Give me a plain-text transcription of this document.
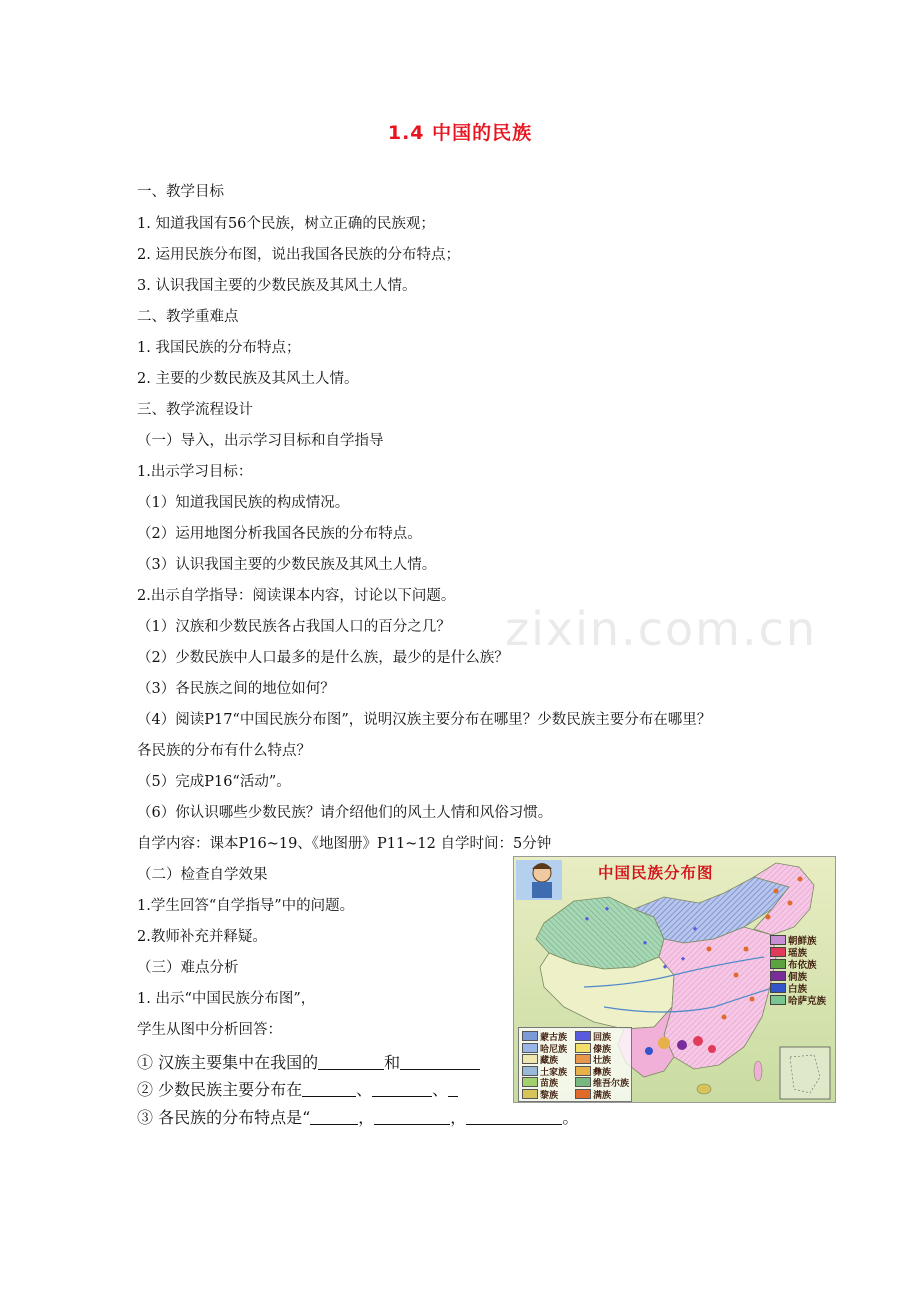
1.4 中国的民族
zixin.com.cn
一、教学目标
1. 知道我国有56个民族，树立正确的民族观；
2. 运用民族分布图，说出我国各民族的分布特点；
3. 认识我国主要的少数民族及其风土人情。
二、教学重难点
1. 我国民族的分布特点；
2. 主要的少数民族及其风土人情。
三、教学流程设计
（一）导入，出示学习目标和自学指导
1.出示学习目标：
（1）知道我国民族的构成情况。
（2）运用地图分析我国各民族的分布特点。
（3）认识我国主要的少数民族及其风土人情。
2.出示自学指导：阅读课本内容，讨论以下问题。
（1）汉族和少数民族各占我国人口的百分之几？
（2）少数民族中人口最多的是什么族，最少的是什么族？
（3）各民族之间的地位如何？
（4）阅读P17“中国民族分布图”，说明汉族主要分布在哪里？少数民族主要分布在哪里？
各民族的分布有什么特点？
（5）完成P16“活动”。
（6）你认识哪些少数民族？请介绍他们的风土人情和风俗习惯。
自学内容：课本P16~19、《地图册》P11~12 自学时间：5分钟
（二）检查自学效果
1.学生回答“自学指导”中的问题。
2.教师补充并释疑。
（三）难点分析
1. 出示“中国民族分布图”，
学生从图中分析回答：
① 汉族主要集中在我国的	和
② 少数民族主要分布在	、	、
③ 各民族的分布特点是“	，	，	。
中国民族分布图
朝鲜族
瑶族
布依族
侗族
白族
哈萨克族
蒙古族
哈尼族
藏族
土家族
苗族
黎族
回族
傣族
壮族
彝族
维吾尔族
满族
